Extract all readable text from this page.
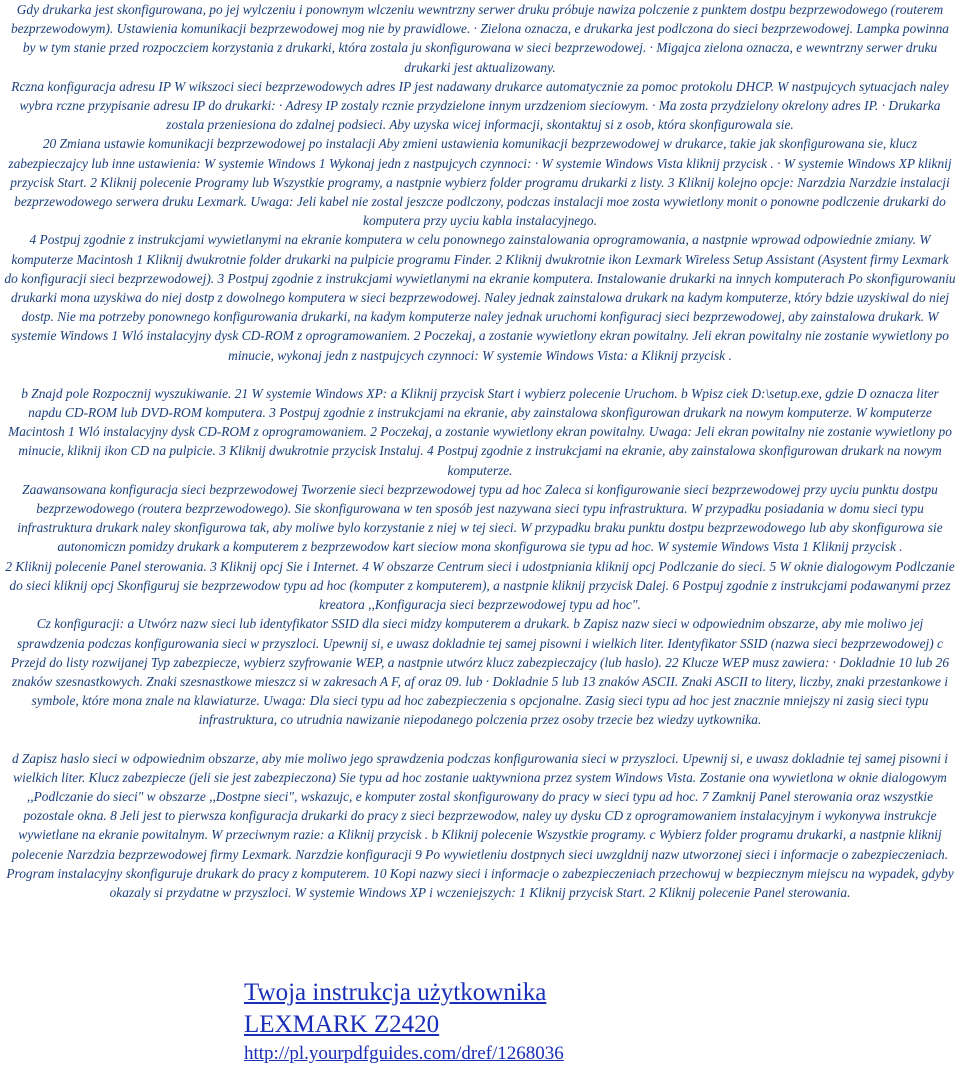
Gdy drukarka jest skonfigurowana, po jej wylczeniu i ponownym wlczeniu wewntrzny serwer druku próbuje nawiza polczenie z punktem dostpu bezprzewodowego (routerem bezprzewodowym). Ustawienia komunikacji bezprzewodowej mog nie by prawidlowe. · Zielona oznacza, e drukarka jest podlczona do sieci bezprzewodowej. Lampka powinna by w tym stanie przed rozpoczciem korzystania z drukarki, która zostala ju skonfigurowana w sieci bezprzewodowej. · Migajca zielona oznacza, e wewntrzny serwer druku drukarki jest aktualizowany.

Rczna konfiguracja adresu IP W wikszoci sieci bezprzewodowych adres IP jest nadawany drukarce automatycznie za pomoc protokolu DHCP. W nastpujcych sytuacjach naley wybra rczne przypisanie adresu IP do drukarki: · Adresy IP zostaly rcznie przydzielone innym urzdzeniom sieciowym. · Ma zosta przydzielony okrelony adres IP. · Drukarka zostala przeniesiona do zdalnej podsieci. Aby uzyska wicej informacji, skontaktuj si z osob, która skonfigurowala sie.

20 Zmiana ustawie komunikacji bezprzewodowej po instalacji Aby zmieni ustawienia komunikacji bezprzewodowej w drukarce, takie jak skonfigurowana sie, klucz zabezpieczajcy lub inne ustawienia: W systemie Windows 1 Wykonaj jedn z nastpujcych czynnoci: · W systemie Windows Vista kliknij przycisk . · W systemie Windows XP kliknij przycisk Start. 2 Kliknij polecenie Programy lub Wszystkie programy, a nastpnie wybierz folder programu drukarki z listy. 3 Kliknij kolejno opcje: Narzdzia Narzdzie instalacji bezprzewodowego serwera druku Lexmark. Uwaga: Jeli kabel nie zostal jeszcze podlczony, podczas instalacji moe zosta wywietlony monit o ponowne podlczenie drukarki do komputera przy uyciu kabla instalacyjnego.

4 Postpuj zgodnie z instrukcjami wywietlanymi na ekranie komputera w celu ponownego zainstalowania oprogramowania, a nastpnie wprowad odpowiednie zmiany. W komputerze Macintosh 1 Kliknij dwukrotnie folder drukarki na pulpicie programu Finder. 2 Kliknij dwukrotnie ikon Lexmark Wireless Setup Assistant (Asystent firmy Lexmark do konfiguracji sieci bezprzewodowej). 3 Postpuj zgodnie z instrukcjami wywietlanymi na ekranie komputera. Instalowanie drukarki na innych komputerach Po skonfigurowaniu drukarki mona uzyskiwa do niej dostp z dowolnego komputera w sieci bezprzewodowej. Naley jednak zainstalowa drukark na kadym komputerze, który bdzie uzyskiwal do niej dostp. Nie ma potrzeby ponownego konfigurowania drukarki, na kadym komputerze naley jednak uruchomi konfiguracj sieci bezprzewodowej, aby zainstalowa drukark. W systemie Windows 1 Wló instalacyjny dysk CD-ROM z oprogramowaniem. 2 Poczekaj, a zostanie wywietlony ekran powitalny. Jeli ekran powitalny nie zostanie wywietlony po minucie, wykonaj jedn z nastpujcych czynnoci: W systemie Windows Vista: a Kliknij przycisk .

b Znajd pole Rozpocznij wyszukiwanie. 21 W systemie Windows XP: a Kliknij przycisk Start i wybierz polecenie Uruchom. b Wpisz ciek D:\setup.exe, gdzie D oznacza liter napdu CD-ROM lub DVD-ROM komputera. 3 Postpuj zgodnie z instrukcjami na ekranie, aby zainstalowa skonfigurowan drukark na nowym komputerze. W komputerze Macintosh 1 Wló instalacyjny dysk CD-ROM z oprogramowaniem. 2 Poczekaj, a zostanie wywietlony ekran powitalny. Uwaga: Jeli ekran powitalny nie zostanie wywietlony po minucie, kliknij ikon CD na pulpicie. 3 Kliknij dwukrotnie przycisk Instaluj. 4 Postpuj zgodnie z instrukcjami na ekranie, aby zainstalowa skonfigurowan drukark na nowym komputerze.

Zaawansowana konfiguracja sieci bezprzewodowej Tworzenie sieci bezprzewodowej typu ad hoc Zaleca si konfigurowanie sieci bezprzewodowej przy uyciu punktu dostpu bezprzewodowego (routera bezprzewodowego). Sie skonfigurowana w ten sposób jest nazywana sieci typu infrastruktura. W przypadku posiadania w domu sieci typu infrastruktura drukark naley skonfigurowa tak, aby moliwe bylo korzystanie z niej w tej sieci. W przypadku braku punktu dostpu bezprzewodowego lub aby skonfigurowa sie autonomiczn pomidzy drukark a komputerem z bezprzewodow kart sieciow mona skonfigurowa sie typu ad hoc. W systemie Windows Vista 1 Kliknij przycisk .

2 Kliknij polecenie Panel sterowania. 3 Kliknij opcj Sie i Internet. 4 W obszarze Centrum sieci i udostpniania kliknij opcj Podlczanie do sieci. 5 W oknie dialogowym Podlczanie do sieci kliknij opcj Skonfiguruj sie bezprzewodow typu ad hoc (komputer z komputerem), a nastpnie kliknij przycisk Dalej. 6 Postpuj zgodnie z instrukcjami podawanymi przez kreatora ,,Konfiguracja sieci bezprzewodowej typu ad hoc".

Cz konfiguracji: a Utwórz nazw sieci lub identyfikator SSID dla sieci midzy komputerem a drukark. b Zapisz nazw sieci w odpowiednim obszarze, aby mie moliwo jej sprawdzenia podczas konfigurowania sieci w przyszloci. Upewnij si, e uwasz dokladnie tej samej pisowni i wielkich liter. Identyfikator SSID (nazwa sieci bezprzewodowej) c Przejd do listy rozwijanej Typ zabezpiecze, wybierz szyfrowanie WEP, a nastpnie utwórz klucz zabezpieczajcy (lub haslo). 22 Klucze WEP musz zawiera: · Dokladnie 10 lub 26 znaków szesnastkowych. Znaki szesnastkowe mieszcz si w zakresach A F, af oraz 09. lub · Dokladnie 5 lub 13 znaków ASCII. Znaki ASCII to litery, liczby, znaki przestankowe i symbole, które mona znale na klawiaturze. Uwaga: Dla sieci typu ad hoc zabezpieczenia s opcjonalne. Zasig sieci typu ad hoc jest znacznie mniejszy ni zasig sieci typu infrastruktura, co utrudnia nawizanie niepodanego polczenia przez osoby trzecie bez wiedzy uytkownika.

d Zapisz haslo sieci w odpowiednim obszarze, aby mie moliwo jego sprawdzenia podczas konfigurowania sieci w przyszloci. Upewnij si, e uwasz dokladnie tej samej pisowni i wielkich liter. Klucz zabezpiecze (jeli sie jest zabezpieczona) Sie typu ad hoc zostanie uaktywniona przez system Windows Vista. Zostanie ona wywietlona w oknie dialogowym ,,Podlczanie do sieci" w obszarze ,,Dostpne sieci", wskazujc, e komputer zostal skonfigurowany do pracy w sieci typu ad hoc. 7 Zamknij Panel sterowania oraz wszystkie pozostale okna. 8 Jeli jest to pierwsza konfiguracja drukarki do pracy z sieci bezprzewodow, naley uy dysku CD z oprogramowaniem instalacyjnym i wykonywa instrukcje wywietlane na ekranie powitalnym. W przeciwnym razie: a Kliknij przycisk . b Kliknij polecenie Wszystkie programy. c Wybierz folder programu drukarki, a nastpnie kliknij polecenie Narzdzia bezprzewodowej firmy Lexmark. Narzdzie konfiguracji 9 Po wywietleniu dostpnych sieci uwzgldnij nazw utworzonej sieci i informacje o zabezpieczeniach.

Program instalacyjny skonfiguruje drukark do pracy z komputerem. 10 Kopi nazwy sieci i informacje o zabezpieczeniach przechowuj w bezpiecznym miejscu na wypadek, gdyby okazaly si przydatne w przyszloci. W systemie Windows XP i wczeniejszych: 1 Kliknij przycisk Start. 2 Kliknij polecenie Panel sterowania.

Twoja instrukcja użytkownika
LEXMARK Z2420
http://pl.yourpdfguides.com/dref/1268036
